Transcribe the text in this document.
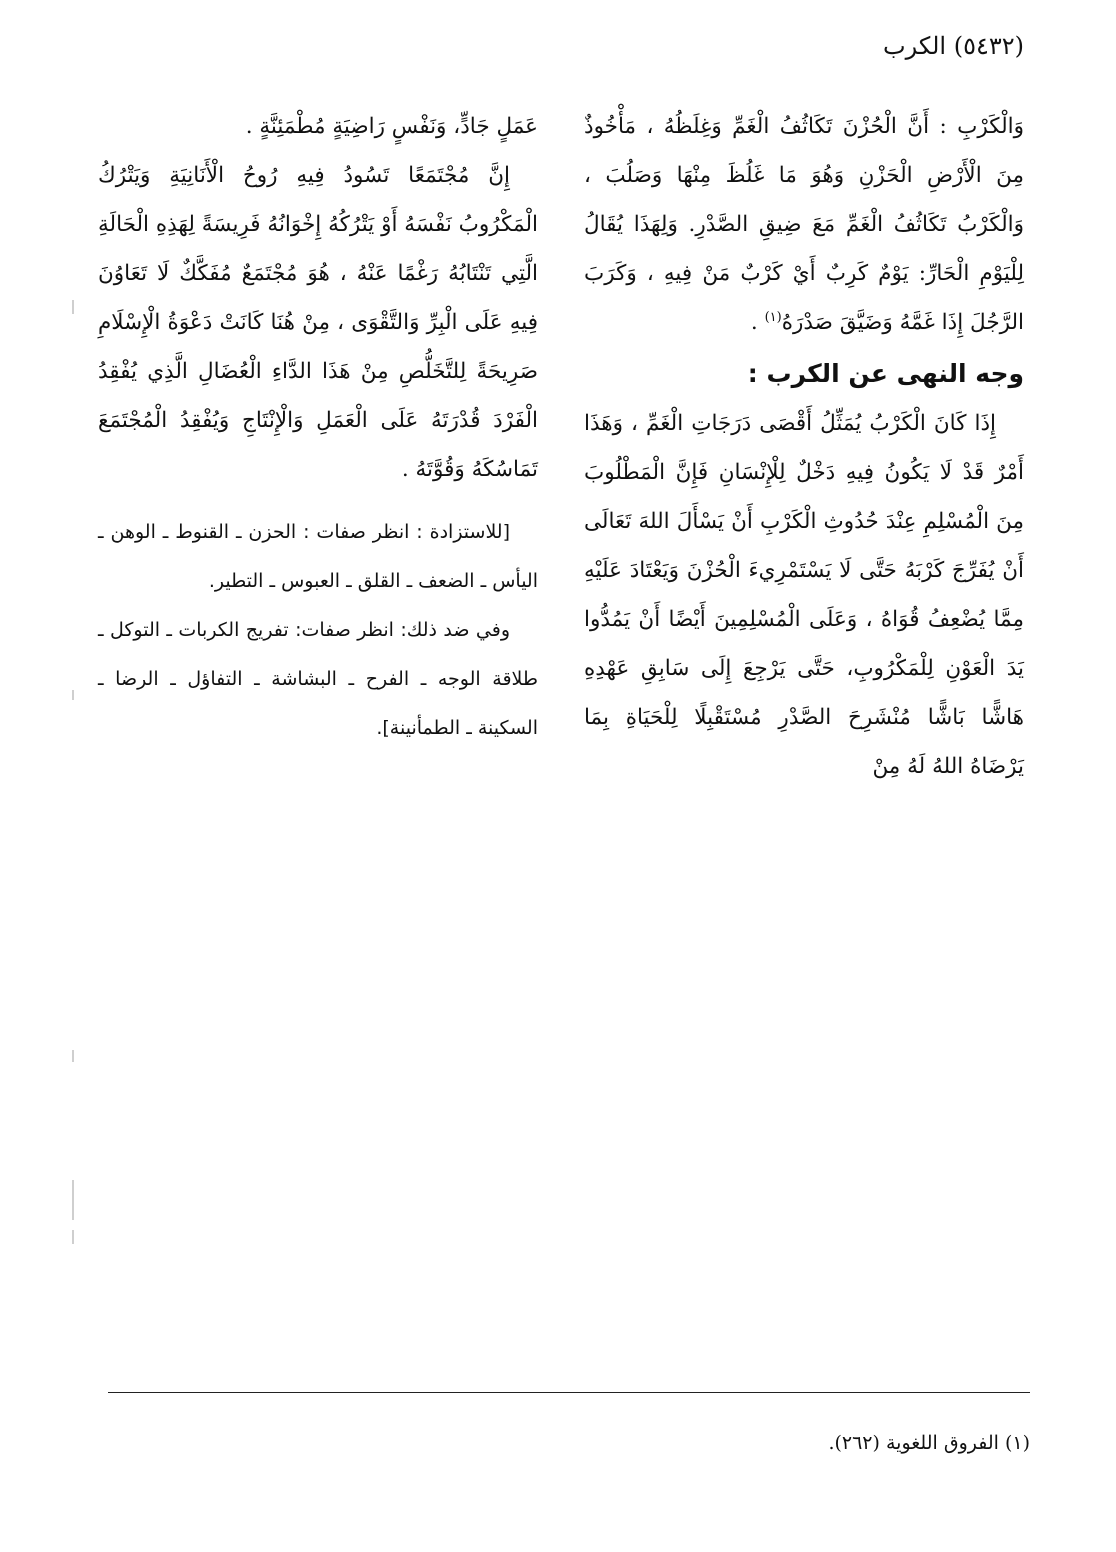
(٥٤٣٢) الكرب

وَالْكَرْبِ : أَنَّ الْحُزْنَ تَكَاثُفُ الْغَمِّ وَغِلَظُهُ ، مَأْخُوذٌ مِنَ الْأَرْضِ الْحَزْنِ وَهُوَ مَا غَلُظَ مِنْهَا وَصَلُبَ ، وَالْكَرْبُ تَكَاثُفُ الْغَمِّ مَعَ ضِيقِ الصَّدْرِ. وَلِهَذَا يُقَالُ لِلْيَوْمِ الْحَارِّ: يَوْمٌ كَرِبٌ أَيْ كَرْبٌ مَنْ فِيهِ ، وَكَرَبَ الرَّجُلَ إِذَا غَمَّهُ وَضَيَّقَ صَدْرَهُ$^{(١)}$ .

وجه النهى عن الكرب :

إِذَا كَانَ الْكَرْبُ يُمَثِّلُ أَقْصَى دَرَجَاتِ الْغَمِّ ، وَهَذَا أَمْرٌ قَدْ لَا يَكُونُ فِيهِ دَخْلٌ لِلْإِنْسَانِ فَإِنَّ الْمَطْلُوبَ مِنَ الْمُسْلِمِ عِنْدَ حُدُوثِ الْكَرْبِ أَنْ يَسْأَلَ اللهَ تَعَالَى أَنْ يُفَرِّجَ كَرْبَهُ حَتَّى لَا يَسْتَمْرِيءَ الْحُزْنَ وَيَعْتَادَ عَلَيْهِ مِمَّا يُضْعِفُ قُوَاهُ ، وَعَلَى الْمُسْلِمِينَ أَيْضًا أَنْ يَمُدُّوا يَدَ الْعَوْنِ لِلْمَكْرُوبِ، حَتَّى يَرْجِعَ إِلَى سَابِقِ عَهْدِهِ هَاشًّا بَاشًّا مُنْشَرِحَ الصَّدْرِ مُسْتَقْبِلًا لِلْحَيَاةِ بِمَا يَرْضَاهُ اللهُ لَهُ مِنْ

عَمَلٍ جَادٍّ، وَنَفْسٍ رَاضِيَةٍ مُطْمَئِنَّةٍ .

إِنَّ مُجْتَمَعًا تَسُودُ فِيهِ رُوحُ الْأَنَانِيَةِ وَيَتْرُكُ الْمَكْرُوبُ نَفْسَهُ أَوْ يَتْرُكُهُ إِخْوَانُهُ فَرِيسَةً لِهَذِهِ الْحَالَةِ الَّتِي تَنْتَابُهُ رَغْمًا عَنْهُ ، هُوَ مُجْتَمَعٌ مُفَكَّكٌ لَا تَعَاوُنَ فِيهِ عَلَى الْبِرِّ وَالتَّقْوَى ، مِنْ هُنَا كَانَتْ دَعْوَةُ الْإِسْلَامِ صَرِيحَةً لِلتَّخَلُّصِ مِنْ هَذَا الدَّاءِ الْعُضَالِ الَّذِي يُفْقِدُ الْفَرْدَ قُدْرَتَهُ عَلَى الْعَمَلِ وَالْإِنْتَاجِ وَيُفْقِدُ الْمُجْتَمَعَ تَمَاسُكَهُ وَقُوَّتَهُ .

[للاستزادة : انظر صفات : الحزن ـ القنوط ـ الوهن ـ اليأس ـ الضعف ـ القلق ـ العبوس ـ التطير.

وفي ضد ذلك: انظر صفات: تفريج الكربات ـ التوكل ـ طلاقة الوجه ـ الفرح ـ البشاشة ـ التفاؤل ـ الرضا ـ السكينة ـ الطمأنينة].

(١) الفروق اللغوية (٢٦٢).
